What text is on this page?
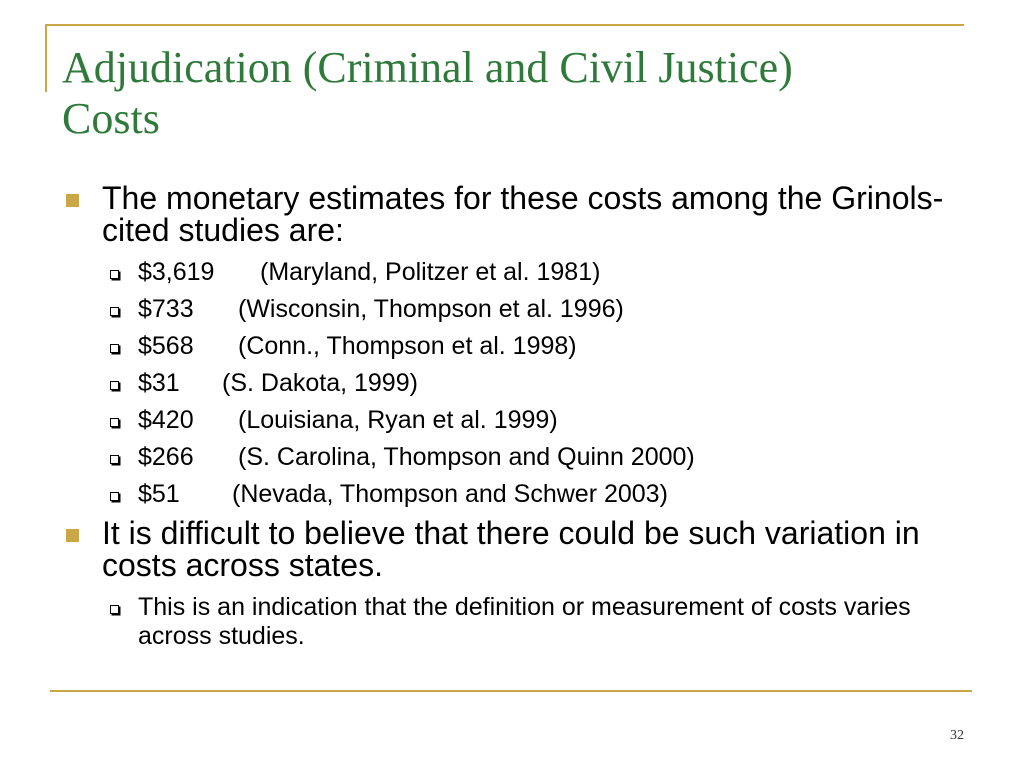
Adjudication (Criminal and Civil Justice)
Costs
The monetary estimates for these costs among the Grinols-cited studies are:
$3,619 (Maryland, Politzer et al. 1981)
$733 (Wisconsin, Thompson et al. 1996)
$568 (Conn., Thompson et al. 1998)
$31 (S. Dakota, 1999)
$420 (Louisiana, Ryan et al. 1999)
$266 (S. Carolina, Thompson and Quinn 2000)
$51 (Nevada, Thompson and Schwer 2003)
It is difficult to believe that there could be such variation in costs across states.
This is an indication that the definition or measurement of costs varies across studies.
32
